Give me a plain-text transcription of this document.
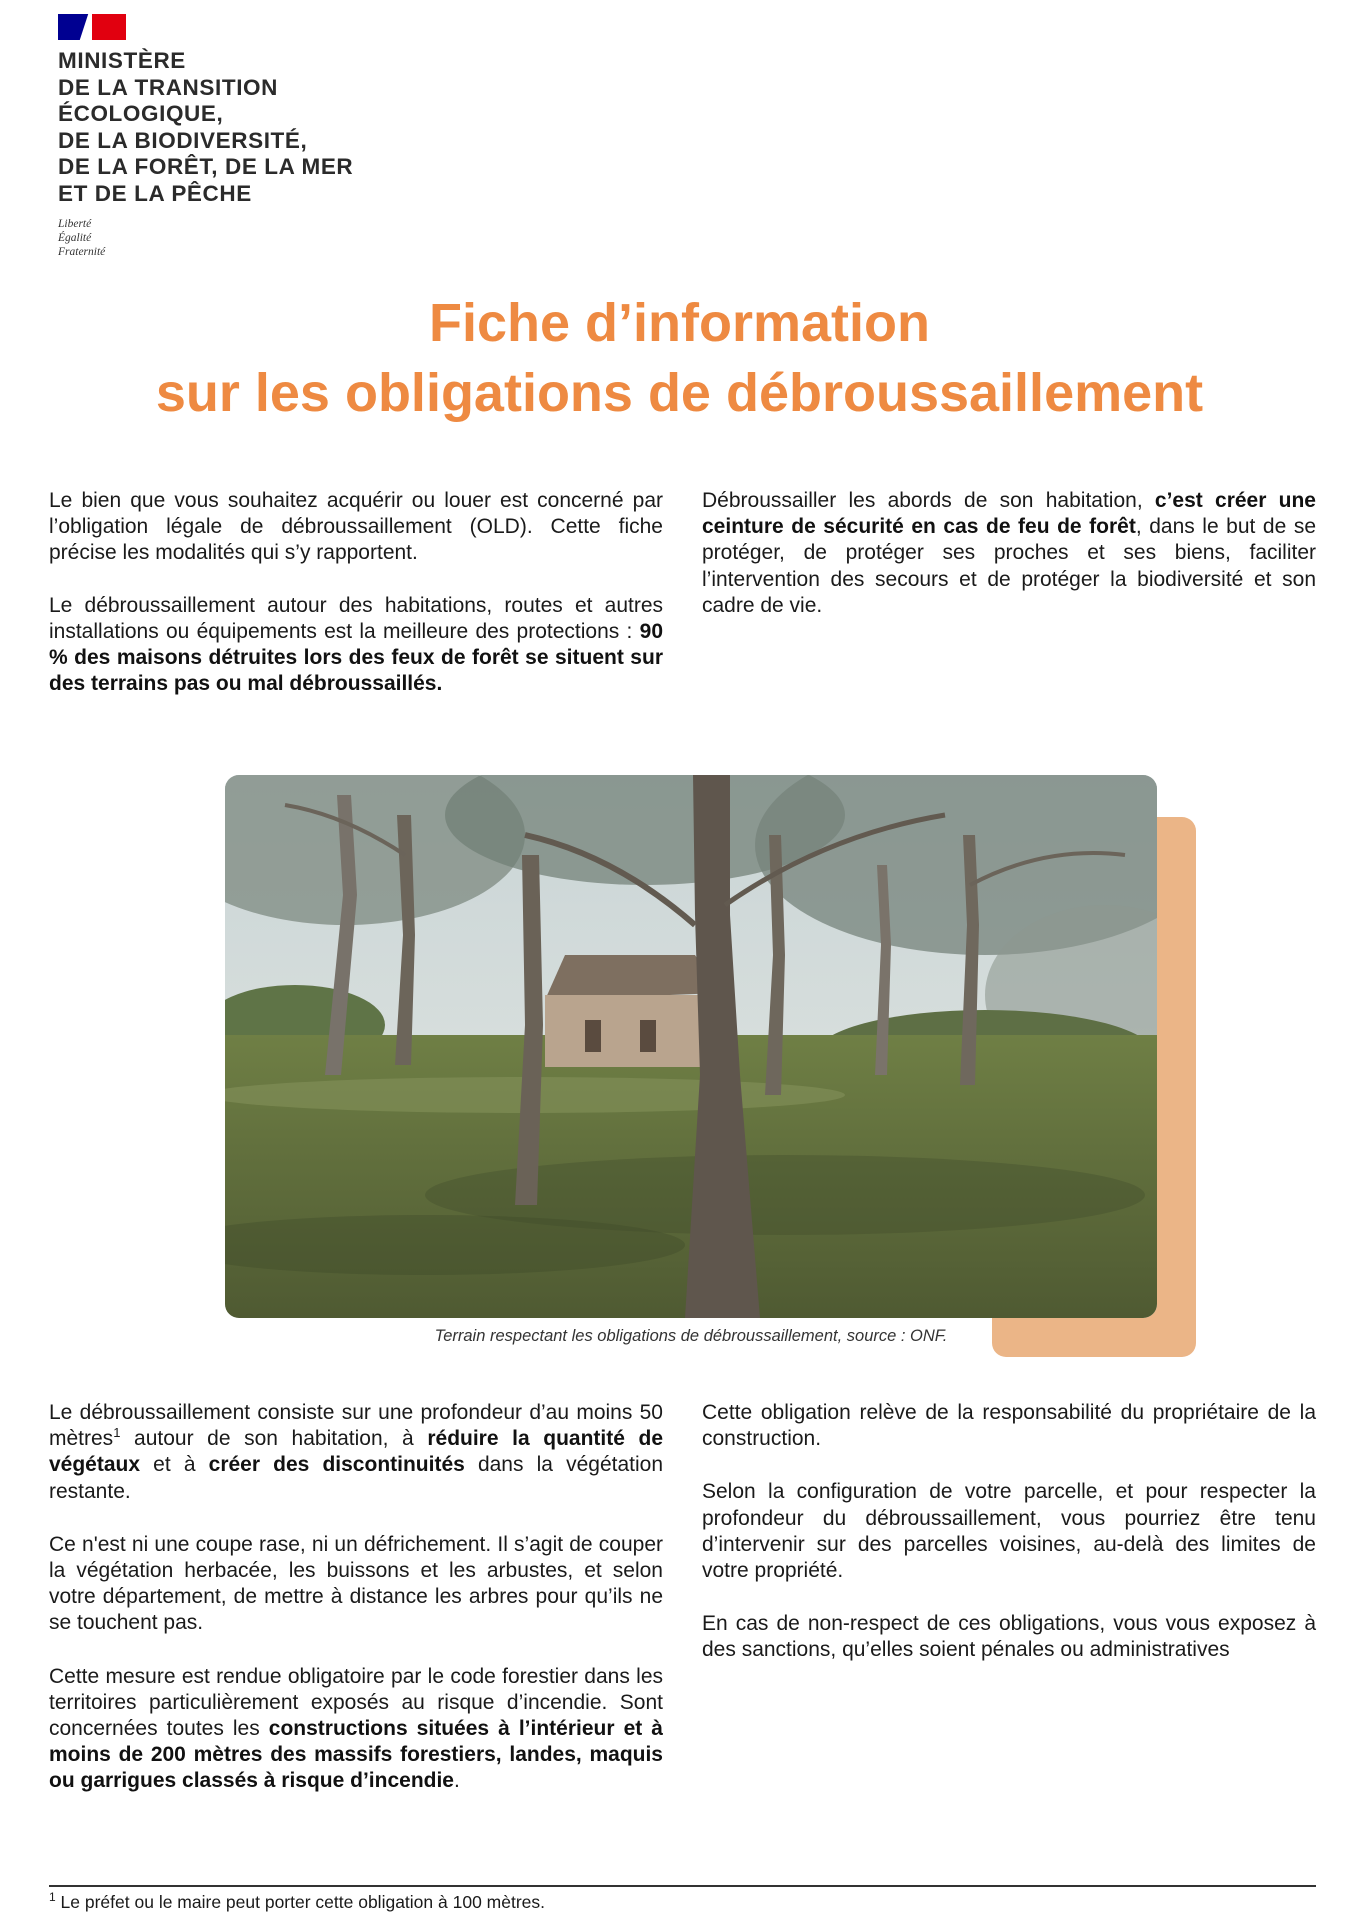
MINISTÈRE
DE LA TRANSITION
ÉCOLOGIQUE,
DE LA BIODIVERSITÉ,
DE LA FORÊT, DE LA MER
ET DE LA PÊCHE
Liberté
Égalité
Fraternité
Fiche d’information
sur les obligations de débroussaillement

Le bien que vous souhaitez acquérir ou louer est concerné par l’obligation légale de débroussaillement (OLD). Cette fiche précise les modalités qui s’y rapportent.

Le débroussaillement autour des habitations, routes et autres installations ou équipements est la meilleure des protections : 90 % des maisons détruites lors des feux de forêt se situent sur des terrains pas ou mal débroussaillés.

Débroussailler les abords de son habitation, c’est créer une ceinture de sécurité en cas de feu de forêt, dans le but de se protéger, de protéger ses proches et ses biens, faciliter l’intervention des secours et de protéger la biodiversité et son cadre de vie.

Terrain respectant les obligations de débroussaillement, source : ONF.

Le débroussaillement consiste sur une profondeur d’au moins 50 mètres$^1$ autour de son habitation, à réduire la quantité de végétaux et à créer des discontinuités dans la végétation restante.

Ce n'est ni une coupe rase, ni un défrichement. Il s’agit de couper la végétation herbacée, les buissons et les arbustes, et selon votre département, de mettre à distance les arbres pour qu’ils ne se touchent pas.

Cette mesure est rendue obligatoire par le code forestier dans les territoires particulièrement exposés au risque d’incendie. Sont concernées toutes les constructions situées à l’intérieur et à moins de 200 mètres des massifs forestiers, landes, maquis ou garrigues classés à risque d’incendie.

Cette obligation relève de la responsabilité du propriétaire de la construction.

Selon la configuration de votre parcelle, et pour respecter la profondeur du débroussaillement, vous pourriez être tenu d’intervenir sur des parcelles voisines, au-delà des limites de votre propriété.

En cas de non-respect de ces obligations, vous vous exposez à des sanctions, qu’elles soient pénales ou administratives

$^1$ Le préfet ou le maire peut porter cette obligation à 100 mètres.
